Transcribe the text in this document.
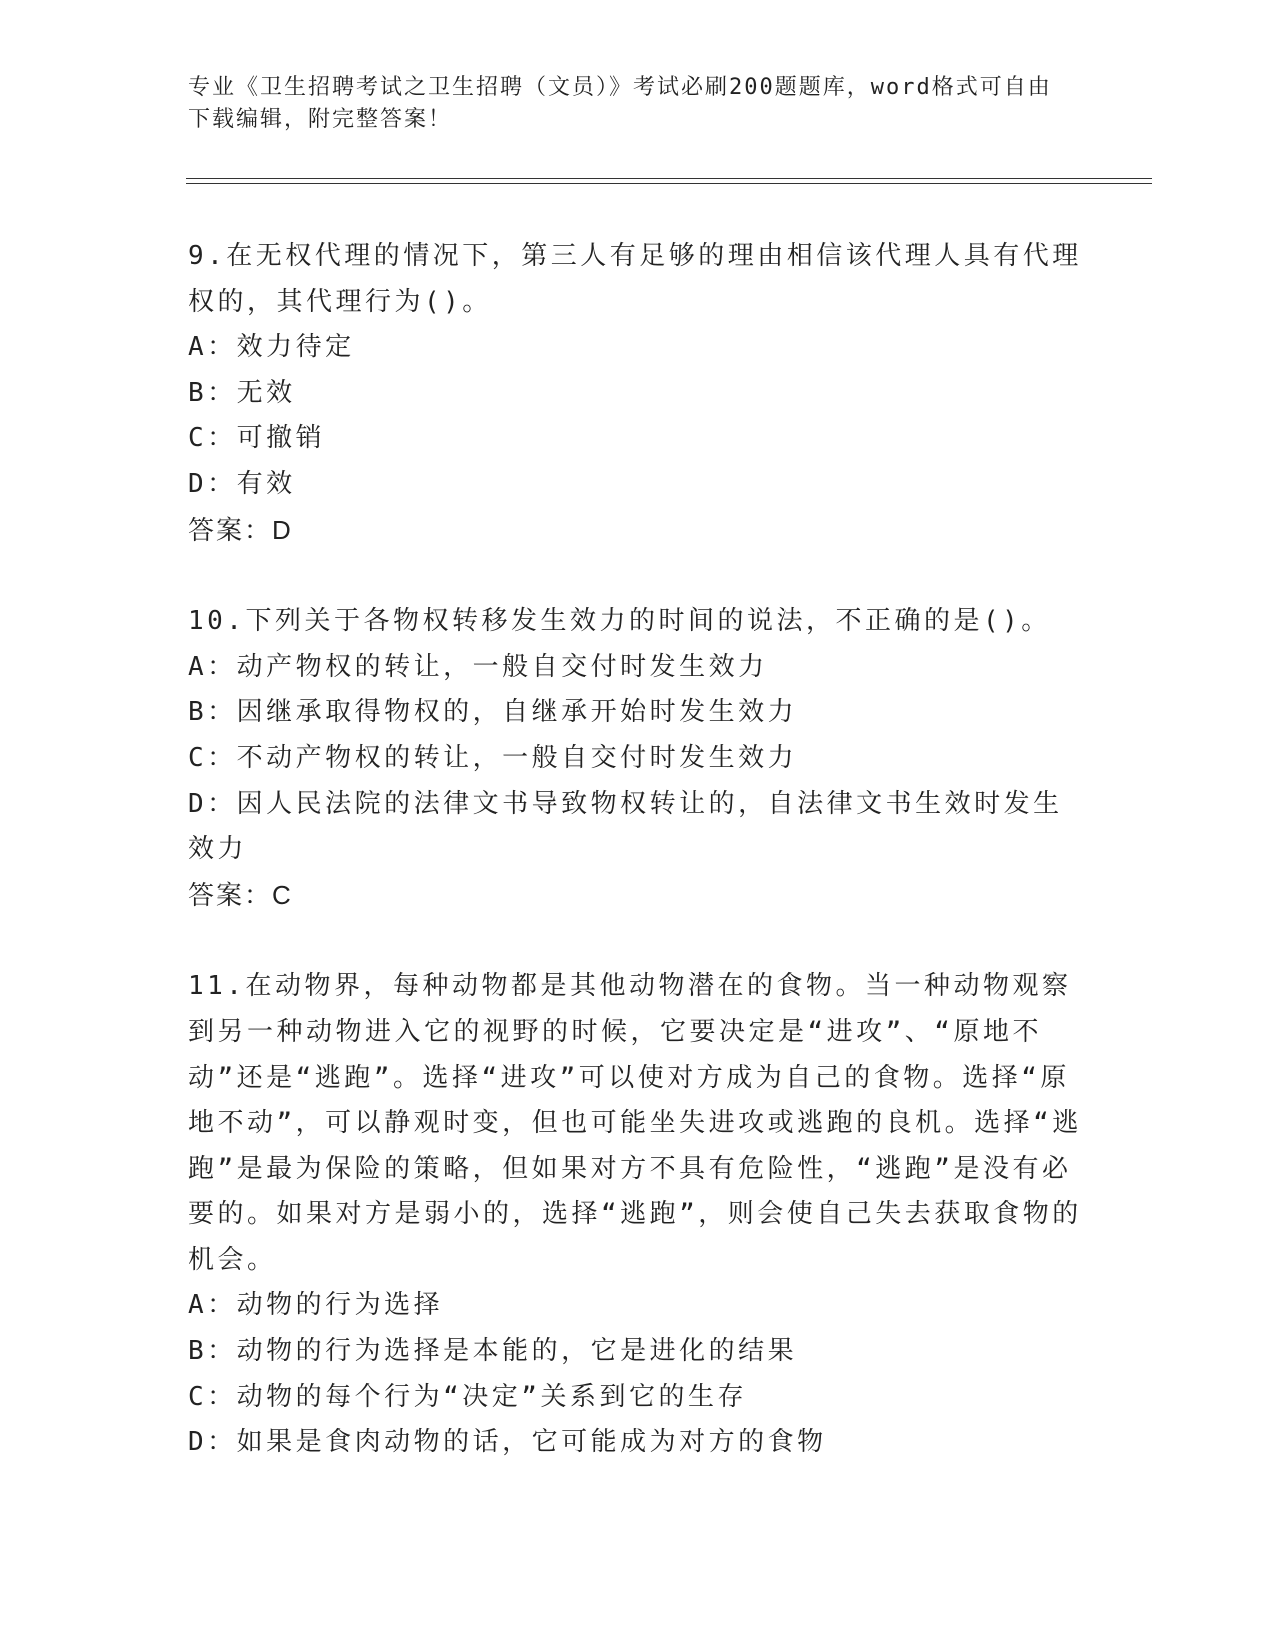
专业《卫生招聘考试之卫生招聘（文员）》考试必刷200题题库，word格式可自由下载编辑，附完整答案！

9.在无权代理的情况下，第三人有足够的理由相信该代理人具有代理权的，其代理行为()。

A：效力待定

B：无效

C：可撤销

D：有效

答案：D

10.下列关于各物权转移发生效力的时间的说法，不正确的是()。

A：动产物权的转让，一般自交付时发生效力

B：因继承取得物权的，自继承开始时发生效力

C：不动产物权的转让，一般自交付时发生效力

D：因人民法院的法律文书导致物权转让的，自法律文书生效时发生效力

答案：C

11.在动物界，每种动物都是其他动物潜在的食物。当一种动物观察到另一种动物进入它的视野的时候，它要决定是“进攻”、“原地不动”还是“逃跑”。选择“进攻”可以使对方成为自己的食物。选择“原地不动”，可以静观时变，但也可能坐失进攻或逃跑的良机。选择“逃跑”是最为保险的策略，但如果对方不具有危险性，“逃跑”是没有必要的。如果对方是弱小的，选择“逃跑”，则会使自己失去获取食物的机会。

A：动物的行为选择

B：动物的行为选择是本能的，它是进化的结果

C：动物的每个行为“决定”关系到它的生存

D：如果是食肉动物的话，它可能成为对方的食物
